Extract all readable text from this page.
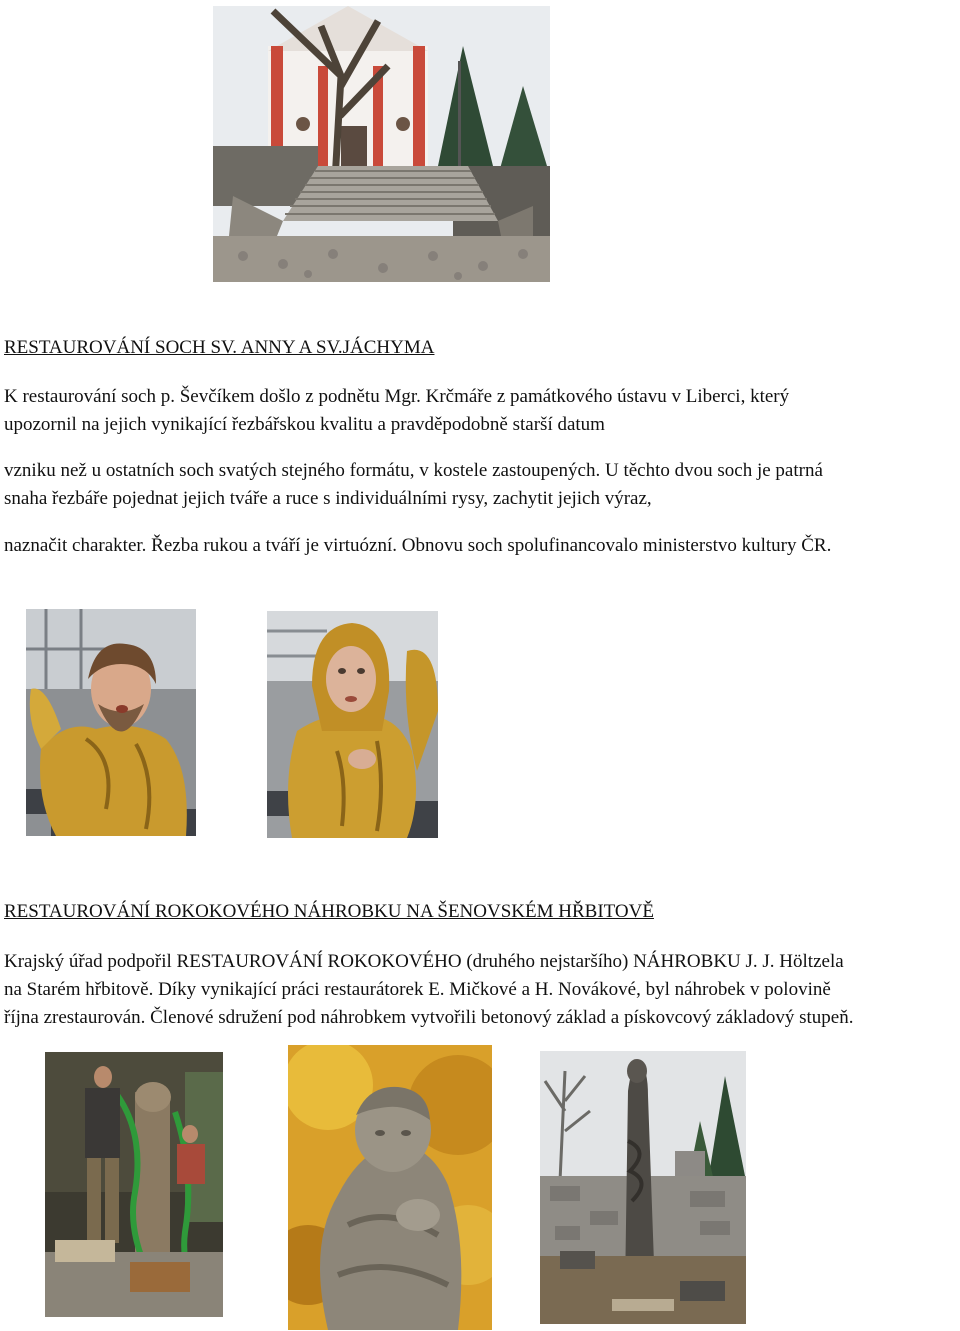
RESTAUROVÁNÍ SOCH SV. ANNY A SV.JÁCHYMA
K restaurování soch p. Ševčíkem došlo z podnětu Mgr. Krčmáře z památkového ústavu v Liberci, který
upozornil na jejich vynikající řezbářskou kvalitu a pravděpodobně starší datum
vzniku než u ostatních soch svatých stejného formátu, v kostele zastoupených. U těchto dvou soch je patrná
snaha řezbáře pojednat jejich tváře a ruce s individuálními rysy, zachytit jejich výraz,
naznačit charakter. Řezba rukou a tváří je virtuózní. Obnovu soch spolufinancovalo ministerstvo kultury ČR.
RESTAUROVÁNÍ ROKOKOVÉHO NÁHROBKU NA ŠENOVSKÉM HŘBITOVĚ
Krajský úřad podpořil RESTAUROVÁNÍ ROKOKOVÉHO (druhého nejstaršího) NÁHROBKU J. J. Höltzela
na Starém hřbitově. Díky vynikající práci restaurátorek E. Mičkové a H. Novákové, byl náhrobek v polovině
října zrestaurován. Členové sdružení pod náhrobkem vytvořili betonový základ a pískovcový základový stupeň.
